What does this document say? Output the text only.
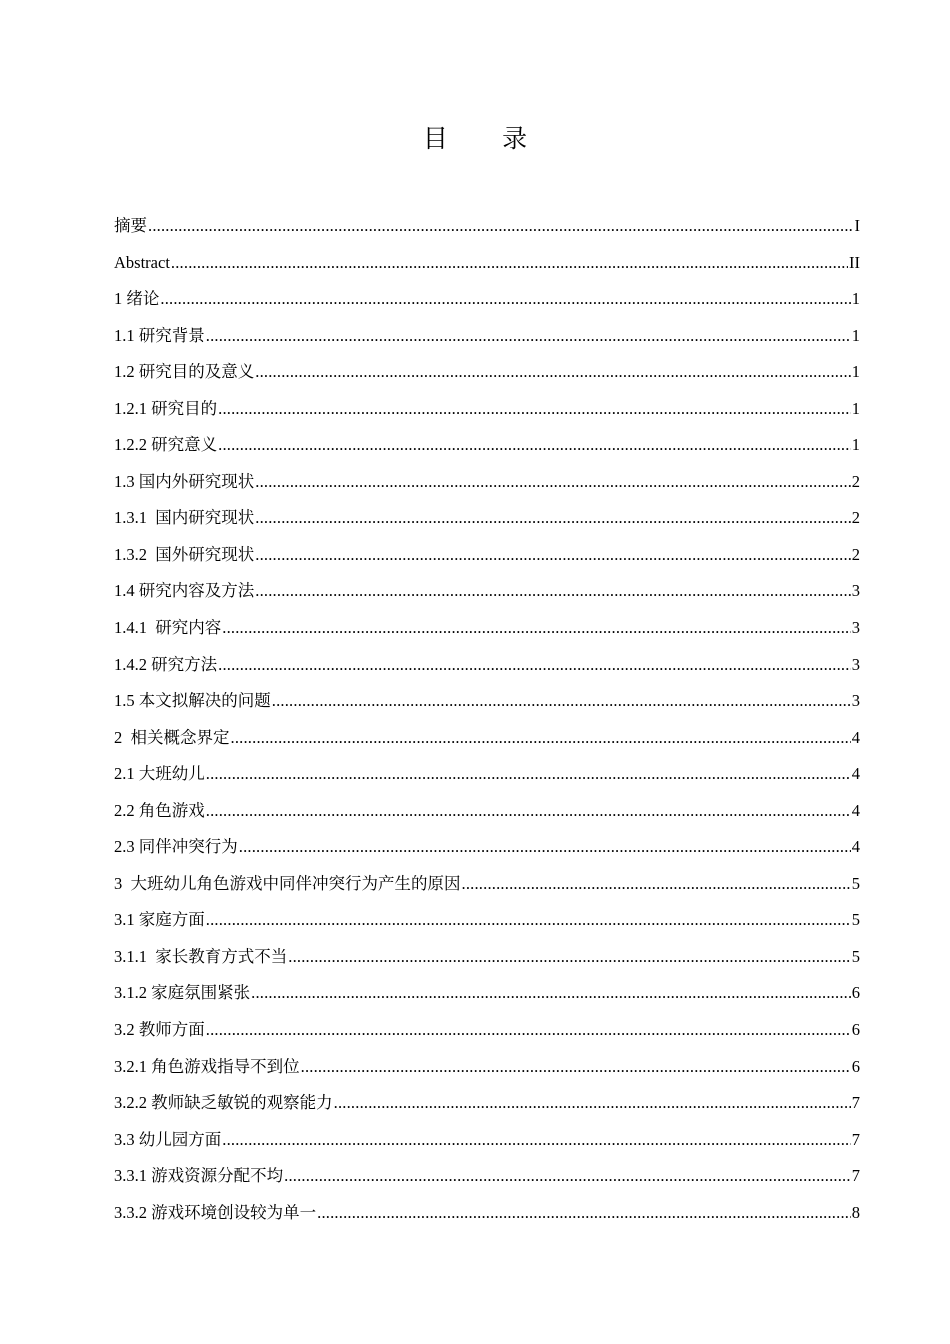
目 录
摘要 .....	I
Abstract .....	II
1 绪论 .....	1
1.1 研究背景 .....	1
1.2 研究目的及意义 .....	1
1.2.1 研究目的 .....	1
1.2.2 研究意义 .....	1
1.3 国内外研究现状 .....	2
1.3.1  国内研究现状 .....	2
1.3.2  国外研究现状 .....	2
1.4 研究内容及方法 .....	3
1.4.1  研究内容 .....	3
1.4.2 研究方法 .....	3
1.5 本文拟解决的问题 .....	3
2  相关概念界定 .....	4
2.1 大班幼儿 .....	4
2.2 角色游戏 .....	4
2.3 同伴冲突行为 .....	4
3  大班幼儿角色游戏中同伴冲突行为产生的原因 .....	5
3.1 家庭方面 .....	5
3.1.1  家长教育方式不当 .....	5
3.1.2 家庭氛围紧张 .....	6
3.2 教师方面 .....	6
3.2.1 角色游戏指导不到位 .....	6
3.2.2 教师缺乏敏锐的观察能力 .....	7
3.3 幼儿园方面 .....	7
3.3.1 游戏资源分配不均 .....	7
3.3.2 游戏环境创设较为单一 .....	8
